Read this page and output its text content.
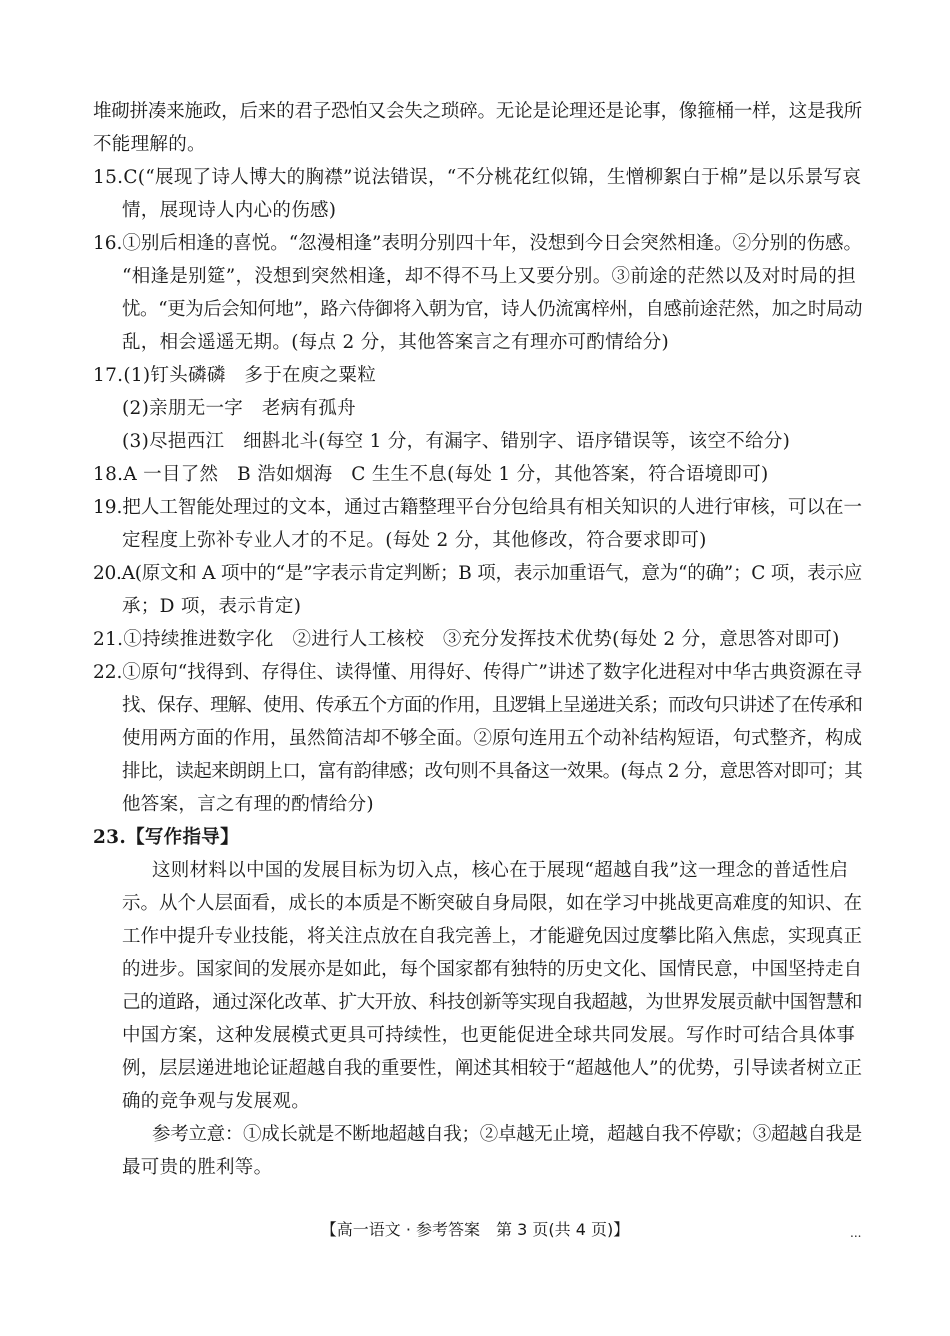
堆砌拼凑来施政，后来的君子恐怕又会失之琐碎。无论是论理还是论事，像箍桶一样，这是我所
不能理解的。
15.C(“展现了诗人博大的胸襟”说法错误，“不分桃花红似锦，生憎柳絮白于棉”是以乐景写哀
情，展现诗人内心的伤感)
16.①别后相逢的喜悦。“忽漫相逢”表明分别四十年，没想到今日会突然相逢。②分别的伤感。
“相逢是别筵”，没想到突然相逢，却不得不马上又要分别。③前途的茫然以及对时局的担
忧。“更为后会知何地”，路六侍御将入朝为官，诗人仍流寓梓州，自感前途茫然，加之时局动
乱，相会遥遥无期。(每点 2 分，其他答案言之有理亦可酌情给分)
17.(1)钉头磷磷　多于在庾之粟粒
(2)亲朋无一字　老病有孤舟
(3)尽挹西江　细斟北斗(每空 1 分，有漏字、错别字、语序错误等，该空不给分)
18.A 一目了然　B 浩如烟海　C 生生不息(每处 1 分，其他答案，符合语境即可)
19.把人工智能处理过的文本，通过古籍整理平台分包给具有相关知识的人进行审核，可以在一
定程度上弥补专业人才的不足。(每处 2 分，其他修改，符合要求即可)
20.A(原文和 A 项中的“是”字表示肯定判断；B 项，表示加重语气，意为“的确”；C 项，表示应
承；D 项，表示肯定)
21.①持续推进数字化　②进行人工核校　③充分发挥技术优势(每处 2 分，意思答对即可)
22.①原句“找得到、存得住、读得懂、用得好、传得广”讲述了数字化进程对中华古典资源在寻
找、保存、理解、使用、传承五个方面的作用，且逻辑上呈递进关系；而改句只讲述了在传承和
使用两方面的作用，虽然简洁却不够全面。②原句连用五个动补结构短语，句式整齐，构成
排比，读起来朗朗上口，富有韵律感；改句则不具备这一效果。(每点 2 分，意思答对即可；其
他答案，言之有理的酌情给分)
23.【写作指导】
这则材料以中国的发展目标为切入点，核心在于展现“超越自我”这一理念的普适性启
示。从个人层面看，成长的本质是不断突破自身局限，如在学习中挑战更高难度的知识、在
工作中提升专业技能，将关注点放在自我完善上，才能避免因过度攀比陷入焦虑，实现真正
的进步。国家间的发展亦是如此，每个国家都有独特的历史文化、国情民意，中国坚持走自
己的道路，通过深化改革、扩大开放、科技创新等实现自我超越，为世界发展贡献中国智慧和
中国方案，这种发展模式更具可持续性，也更能促进全球共同发展。写作时可结合具体事
例，层层递进地论证超越自我的重要性，阐述其相较于“超越他人”的优势，引导读者树立正
确的竞争观与发展观。
参考立意：①成长就是不断地超越自我；②卓越无止境，超越自我不停歇；③超越自我是
最可贵的胜利等。
【高一语文 · 参考答案　第 3 页(共 4 页)】	...
